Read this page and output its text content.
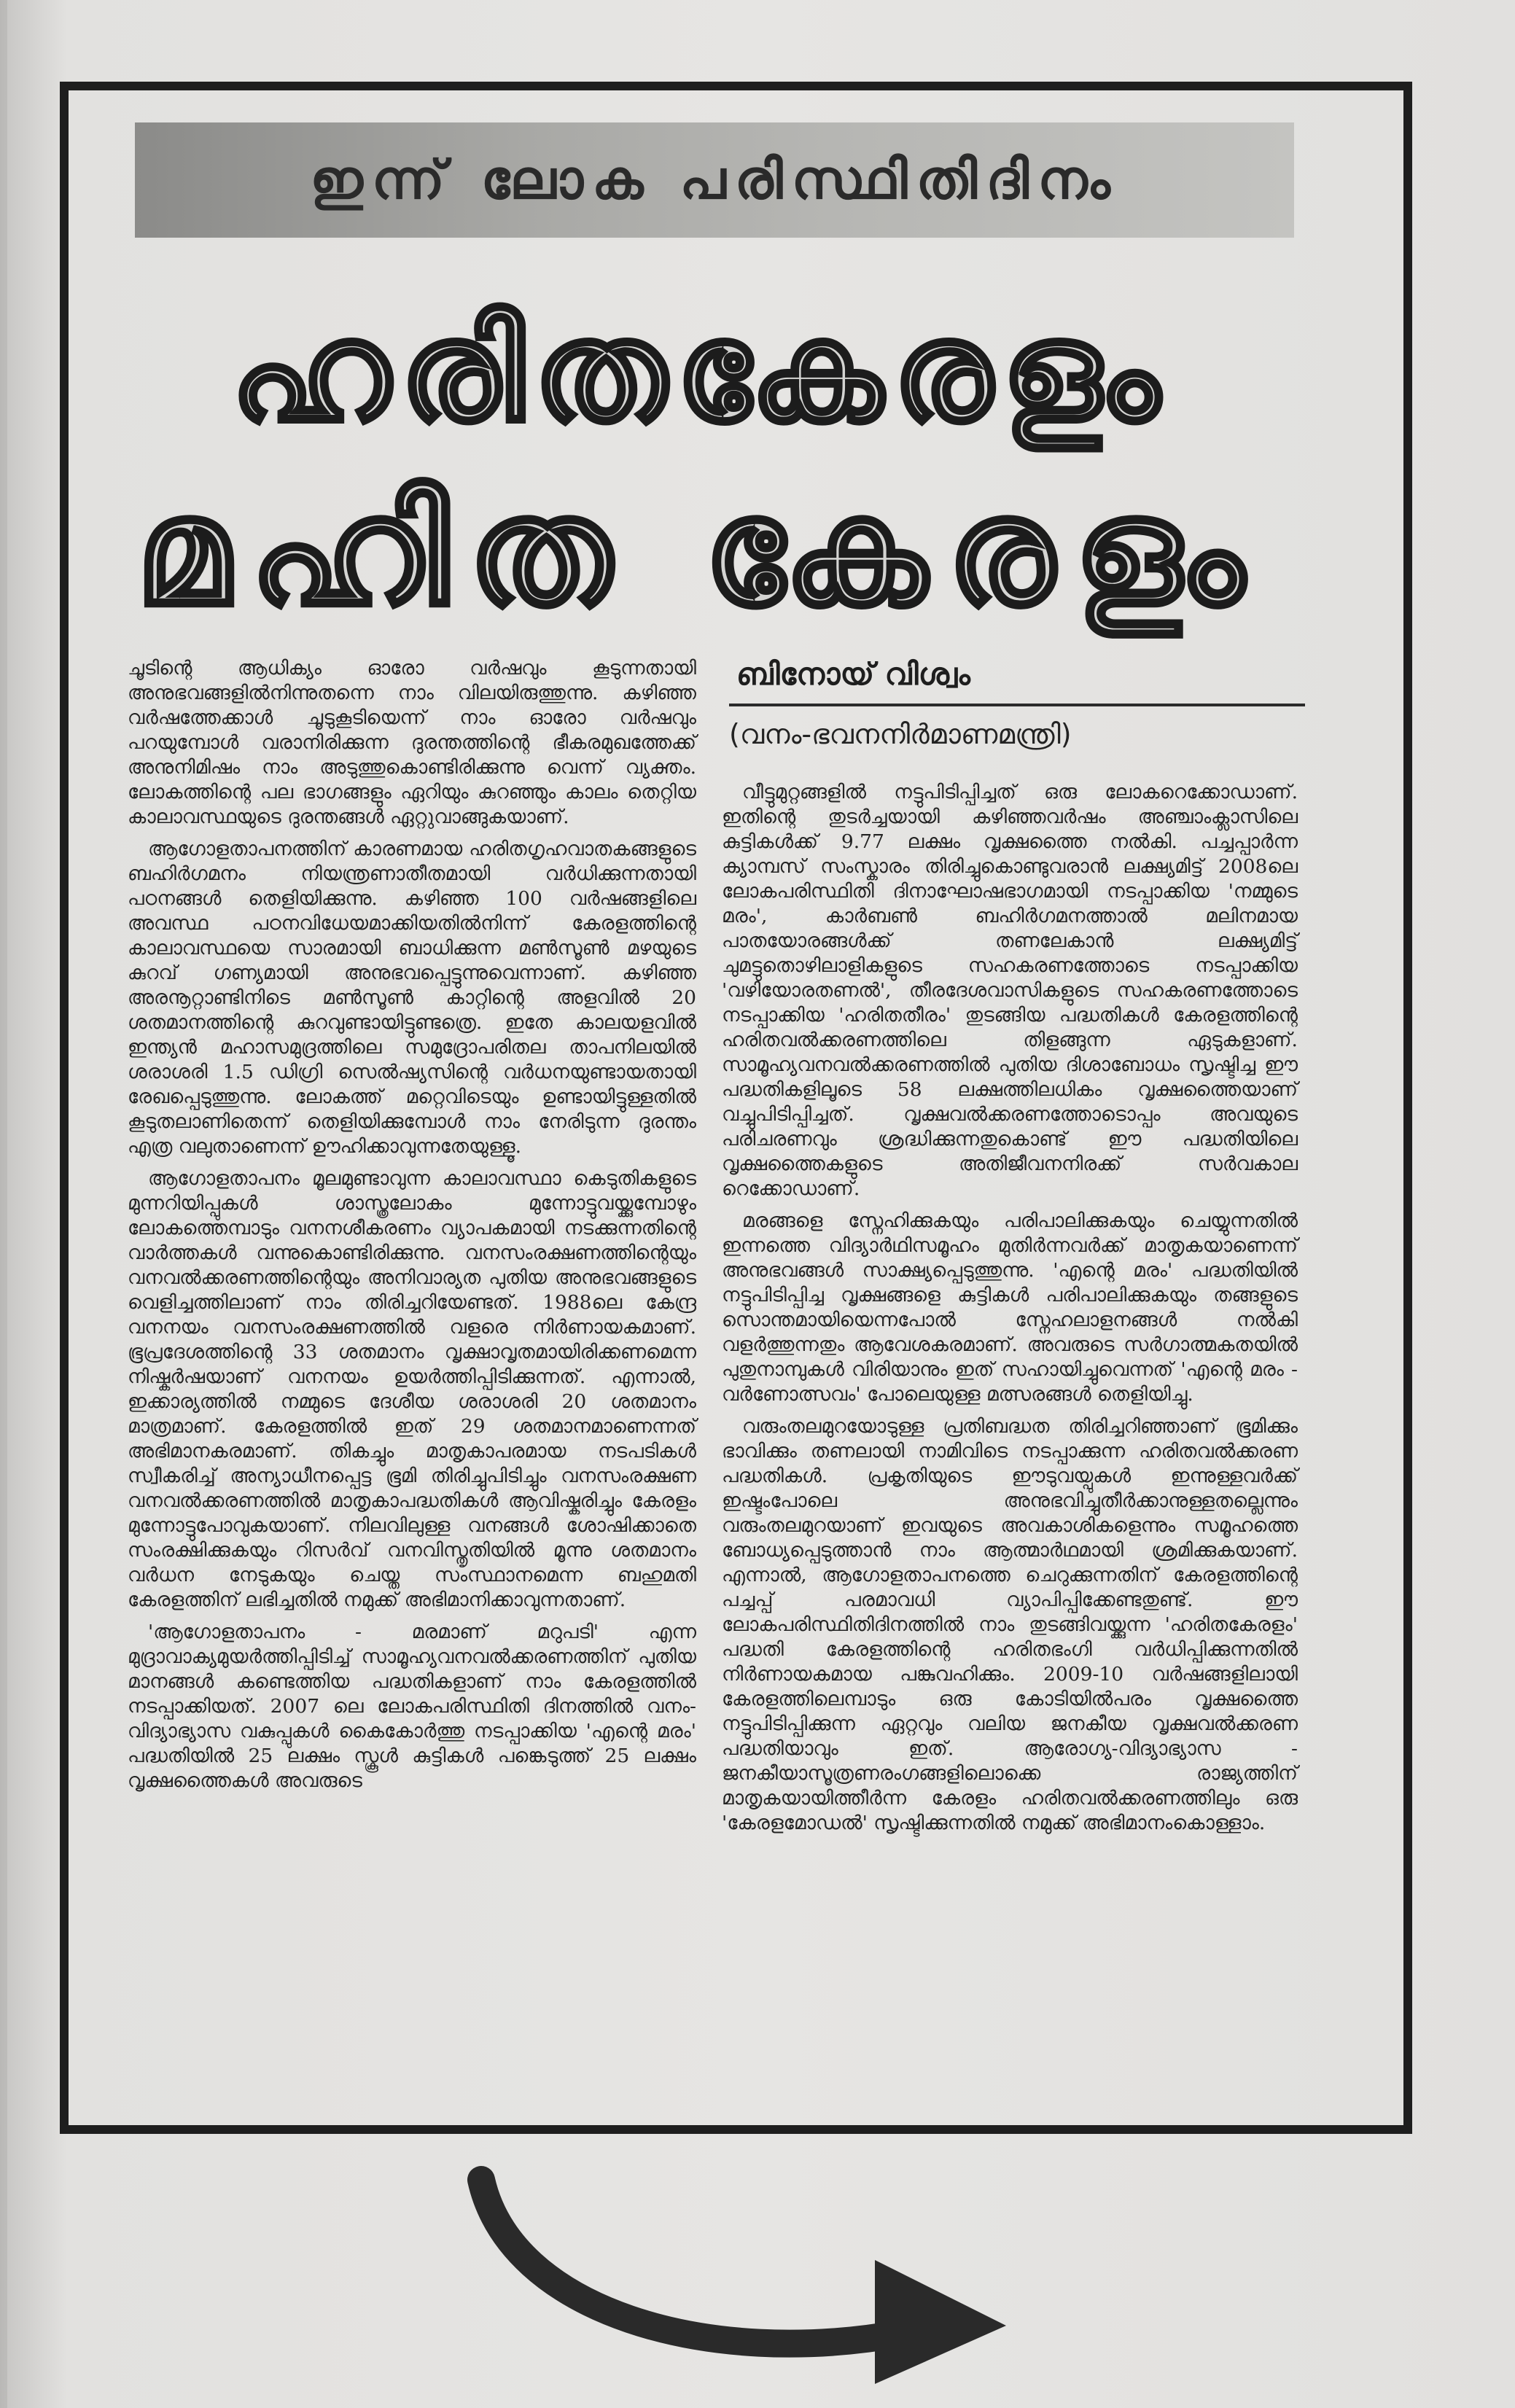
ഇന്ന് ലോക പരിസ്ഥിതിദിനം
ഹരിതകേരളം
മഹിത കേരളം

ചൂടിന്റെ ആധിക്യം ഓരോ വർഷവും കൂടുന്നതായി അനുഭവങ്ങളിൽനിന്നുതന്നെ നാം വിലയിരുത്തുന്നു. കഴിഞ്ഞ വർഷത്തേക്കാൾ ചൂടുകൂടിയെന്ന് നാം ഓരോ വർഷവും പറയുമ്പോൾ വരാനിരിക്കുന്ന ദുരന്തത്തിന്റെ ഭീകരമുഖത്തേക്ക് അനുനിമിഷം നാം അടുത്തുകൊണ്ടിരിക്കുന്നു വെന്ന് വ്യക്തം. ലോകത്തിന്റെ പല ഭാഗങ്ങളും ഏറിയും കുറഞ്ഞും കാലം തെറ്റിയ കാലാവസ്ഥയുടെ ദുരന്തങ്ങൾ ഏറ്റുവാങ്ങുകയാണ്.

ആഗോളതാപനത്തിന് കാരണമായ ഹരിതഗൃഹവാതകങ്ങളുടെ ബഹിർഗമനം നിയന്ത്രണാതീതമായി വർധിക്കുന്നതായി പഠനങ്ങൾ തെളിയിക്കുന്നു. കഴിഞ്ഞ 100 വർഷങ്ങളിലെ അവസ്ഥ പഠനവിധേയമാക്കിയതിൽനിന്ന് കേരളത്തിന്റെ കാലാവസ്ഥയെ സാരമായി ബാധിക്കുന്ന മൺസൂൺ മഴയുടെ കുറവ് ഗണ്യമായി അനുഭവപ്പെട്ടുന്നുവെന്നാണ്. കഴിഞ്ഞ അരനൂറ്റാണ്ടിനിടെ മൺസൂൺ കാറ്റിന്റെ അളവിൽ 20 ശതമാനത്തിന്റെ കുറവുണ്ടായിട്ടുണ്ടത്രെ. ഇതേ കാലയളവിൽ ഇന്ത്യൻ മഹാസമുദ്രത്തിലെ സമുദ്രോപരിതല താപനിലയിൽ ശരാശരി 1.5 ഡിഗ്രി സെൽഷ്യസിന്റെ വർധനയുണ്ടായതായി രേഖപ്പെടുത്തുന്നു. ലോകത്ത് മറ്റെവിടെയും ഉണ്ടായിട്ടുള്ളതിൽ കൂടുതലാണിതെന്ന് തെളിയിക്കുമ്പോൾ നാം നേരിടുന്ന ദുരന്തം എത്ര വലുതാണെന്ന് ഊഹിക്കാവുന്നതേയുള്ളൂ.

ആഗോളതാപനം മൂലമുണ്ടാവുന്ന കാലാവസ്ഥാ കെടുതികളുടെ മുന്നറിയിപ്പുകൾ ശാസ്ത്രലോകം മുന്നോട്ടുവയ്ക്കുമ്പോഴും ലോകത്തെമ്പാടും വനനശീകരണം വ്യാപകമായി നടക്കുന്നതിന്റെ വാർത്തകൾ വന്നുകൊണ്ടിരിക്കുന്നു. വനസംരക്ഷണത്തിന്റെയും വനവൽക്കരണത്തിന്റെയും അനിവാര്യത പുതിയ അനുഭവങ്ങളുടെ വെളിച്ചത്തിലാണ് നാം തിരിച്ചറിയേണ്ടത്. 1988ലെ കേന്ദ്ര വനനയം വനസംരക്ഷണത്തിൽ വളരെ നിർണായകമാണ്. ഭൂപ്രദേശത്തിന്റെ 33 ശതമാനം വൃക്ഷാവൃതമായിരിക്കണമെന്ന നിഷ്കർഷയാണ് വനനയം ഉയർത്തിപ്പിടിക്കുന്നത്. എന്നാൽ, ഇക്കാര്യത്തിൽ നമ്മുടെ ദേശീയ ശരാശരി 20 ശതമാനം മാത്രമാണ്. കേരളത്തിൽ ഇത് 29 ശതമാനമാണെന്നത് അഭിമാനകരമാണ്. തികച്ചും മാതൃകാപരമായ നടപടികൾ സ്വീകരിച്ച് അന്യാധീനപ്പെട്ട ഭൂമി തിരിച്ചുപിടിച്ചും വനസംരക്ഷണ വനവൽക്കരണത്തിൽ മാതൃകാപദ്ധതികൾ ആവിഷ്കരിച്ചും കേരളം മുന്നോട്ടുപോവുകയാണ്. നിലവിലുള്ള വനങ്ങൾ ശോഷിക്കാതെ സംരക്ഷിക്കുകയും റിസർവ് വനവിസ്തൃതിയിൽ മൂന്നു ശതമാനം വർധന നേടുകയും ചെയ്ത സംസ്ഥാനമെന്ന ബഹുമതി കേരളത്തിന് ലഭിച്ചതിൽ നമുക്ക് അഭിമാനിക്കാവുന്നതാണ്.

'ആഗോളതാപനം - മരമാണ് മറുപടി' എന്ന മുദ്രാവാക്യമുയർത്തിപ്പിടിച്ച് സാമൂഹ്യവനവൽക്കരണത്തിന് പുതിയ മാനങ്ങൾ കണ്ടെത്തിയ പദ്ധതികളാണ് നാം കേരളത്തിൽ നടപ്പാക്കിയത്. 2007 ലെ ലോകപരിസ്ഥിതി ദിനത്തിൽ വനം-വിദ്യാഭ്യാസ വകുപ്പുകൾ കൈകോർത്തു നടപ്പാക്കിയ 'എന്റെ മരം' പദ്ധതിയിൽ 25 ലക്ഷം സ്കൂൾ കുട്ടികൾ പങ്കെടുത്ത് 25 ലക്ഷം വൃക്ഷത്തൈകൾ അവരുടെ

ബിനോയ് വിശ്വം
(വനം-ഭവനനിർമാണമന്ത്രി)

വീട്ടുമുറ്റങ്ങളിൽ നട്ടുപിടിപ്പിച്ചത് ഒരു ലോകറെക്കോഡാണ്. ഇതിന്റെ തുടർച്ചയായി കഴിഞ്ഞവർഷം അഞ്ചാംക്ലാസിലെ കുട്ടികൾക്ക് 9.77 ലക്ഷം വൃക്ഷത്തൈ നൽകി. പച്ചപ്പാർന്ന ക്യാമ്പസ് സംസ്കാരം തിരിച്ചുകൊണ്ടുവരാൻ ലക്ഷ്യമിട്ട് 2008ലെ ലോകപരിസ്ഥിതി ദിനാഘോഷഭാഗമായി നടപ്പാക്കിയ 'നമ്മുടെ മരം', കാർബൺ ബഹിർഗമനത്താൽ മലിനമായ പാതയോരങ്ങൾക്ക് തണലേകാൻ ലക്ഷ്യമിട്ട് ചുമട്ടുതൊഴിലാളികളുടെ സഹകരണത്തോടെ നടപ്പാക്കിയ 'വഴിയോരതണൽ', തീരദേശവാസികളുടെ സഹകരണത്തോടെ നടപ്പാക്കിയ 'ഹരിതതീരം' തുടങ്ങിയ പദ്ധതികൾ കേരളത്തിന്റെ ഹരിതവൽക്കരണത്തിലെ തിളങ്ങുന്ന ഏടുകളാണ്. സാമൂഹ്യവനവൽക്കരണത്തിൽ പുതിയ ദിശാബോധം സൃഷ്ടിച്ച ഈ പദ്ധതികളിലൂടെ 58 ലക്ഷത്തിലധികം വൃക്ഷത്തൈയാണ് വച്ചുപിടിപ്പിച്ചത്. വൃക്ഷവൽക്കരണത്തോടൊപ്പം അവയുടെ പരിചരണവും ശ്രദ്ധിക്കുന്നതുകൊണ്ട് ഈ പദ്ധതിയിലെ വൃക്ഷത്തൈകളുടെ അതിജീവനനിരക്ക് സർവകാല റെക്കോഡാണ്.

മരങ്ങളെ സ്നേഹിക്കുകയും പരിപാലിക്കുകയും ചെയ്യുന്നതിൽ ഇന്നത്തെ വിദ്യാർഥിസമൂഹം മുതിർന്നവർക്ക് മാതൃകയാണെന്ന് അനുഭവങ്ങൾ സാക്ഷ്യപ്പെടുത്തുന്നു. 'എന്റെ മരം' പദ്ധതിയിൽ നട്ടുപിടിപ്പിച്ച വൃക്ഷങ്ങളെ കുട്ടികൾ പരിപാലിക്കുകയും തങ്ങളുടെ സൊന്തമായിയെന്നപോൽ സ്നേഹലാളനങ്ങൾ നൽകി വളർത്തുന്നതും ആവേശകരമാണ്. അവരുടെ സർഗാത്മകതയിൽ പുതുനാമ്പുകൾ വിരിയാനും ഇത് സഹായിച്ചുവെന്നത് 'എന്റെ മരം - വർണോത്സവം' പോലെയുള്ള മത്സരങ്ങൾ തെളിയിച്ചു.

വരുംതലമുറയോടുള്ള പ്രതിബദ്ധത തിരിച്ചറിഞ്ഞാണ് ഭൂമിക്കും ഭാവിക്കും തണലായി നാമിവിടെ നടപ്പാക്കുന്ന ഹരിതവൽക്കരണ പദ്ധതികൾ. പ്രകൃതിയുടെ ഈടുവയ്പുകൾ ഇന്നുള്ളവർക്ക് ഇഷ്ടംപോലെ അനുഭവിച്ചുതീർക്കാനുള്ളതല്ലെന്നും വരുംതലമുറയാണ് ഇവയുടെ അവകാശികളെന്നും സമൂഹത്തെ ബോധ്യപ്പെടുത്താൻ നാം ആത്മാർഥമായി ശ്രമിക്കുകയാണ്. എന്നാൽ, ആഗോളതാപനത്തെ ചെറുക്കുന്നതിന് കേരളത്തിന്റെ പച്ചപ്പ് പരമാവധി വ്യാപിപ്പിക്കേണ്ടതുണ്ട്. ഈ ലോകപരിസ്ഥിതിദിനത്തിൽ നാം തുടങ്ങിവയ്ക്കുന്ന 'ഹരിതകേരളം' പദ്ധതി കേരളത്തിന്റെ ഹരിതഭംഗി വർധിപ്പിക്കുന്നതിൽ നിർണായകമായ പങ്കുവഹിക്കും. 2009-10 വർഷങ്ങളിലായി കേരളത്തിലെമ്പാടും ഒരു കോടിയിൽപരം വൃക്ഷത്തൈ നട്ടുപിടിപ്പിക്കുന്ന ഏറ്റവും വലിയ ജനകീയ വൃക്ഷവൽക്കരണ പദ്ധതിയാവും ഇത്. ആരോഗ്യ-വിദ്യാഭ്യാസ - ജനകീയാസൂത്രണരംഗങ്ങളിലൊക്കെ രാജ്യത്തിന് മാതൃകയായിത്തീർന്ന കേരളം ഹരിതവൽക്കരണത്തിലും ഒരു 'കേരളമോഡൽ' സൃഷ്ടിക്കുന്നതിൽ നമുക്ക് അഭിമാനംകൊള്ളാം.
